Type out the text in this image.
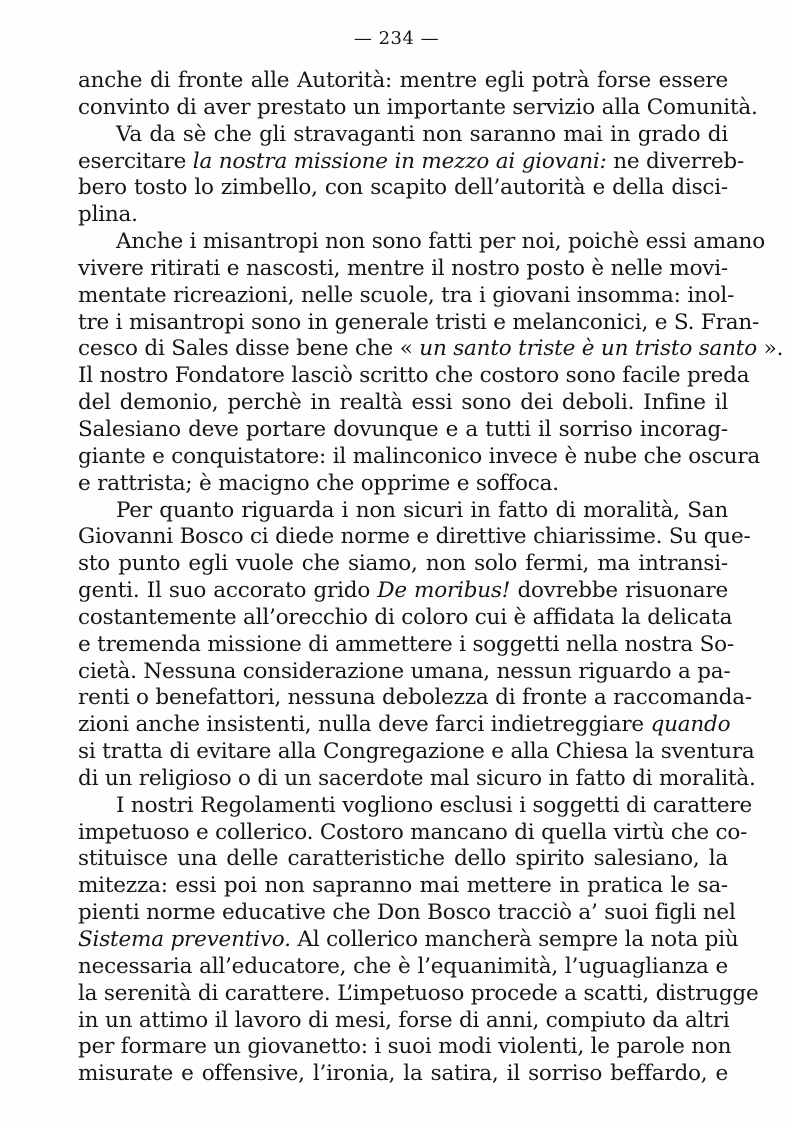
— 234 —
anche di fronte alle Autorità: mentre egli potrà forse essere
convinto di aver prestato un importante servizio alla Comunità.
Va da sè che gli stravaganti non saranno mai in grado di
esercitare la nostra missione in mezzo ai giovani: ne diverreb-
bero tosto lo zimbello, con scapito dell’autorità e della disci-
plina.
Anche i misantropi non sono fatti per noi, poichè essi amano
vivere ritirati e nascosti, mentre il nostro posto è nelle movi-
mentate ricreazioni, nelle scuole, tra i giovani insomma: inol-
tre i misantropi sono in generale tristi e melanconici, e S. Fran-
cesco di Sales disse bene che « un santo triste è un tristo santo ».
Il nostro Fondatore lasciò scritto che costoro sono facile preda
del demonio, perchè in realtà essi sono dei deboli. Infine il
Salesiano deve portare dovunque e a tutti il sorriso incorag-
giante e conquistatore: il malinconico invece è nube che oscura
e rattrista; è macigno che opprime e soffoca.
Per quanto riguarda i non sicuri in fatto di moralità, San
Giovanni Bosco ci diede norme e direttive chiarissime. Su que-
sto punto egli vuole che siamo, non solo fermi, ma intransi-
genti. Il suo accorato grido De moribus! dovrebbe risuonare
costantemente all’orecchio di coloro cui è affidata la delicata
e tremenda missione di ammettere i soggetti nella nostra So-
cietà. Nessuna considerazione umana, nessun riguardo a pa-
renti o benefattori, nessuna debolezza di fronte a raccomanda-
zioni anche insistenti, nulla deve farci indietreggiare quando
si tratta di evitare alla Congregazione e alla Chiesa la sventura
di un religioso o di un sacerdote mal sicuro in fatto di moralità.
I nostri Regolamenti vogliono esclusi i soggetti di carattere
impetuoso e collerico. Costoro mancano di quella virtù che co-
stituisce una delle caratteristiche dello spirito salesiano, la
mitezza: essi poi non sapranno mai mettere in pratica le sa-
pienti norme educative che Don Bosco tracciò a’ suoi figli nel
Sistema preventivo. Al collerico mancherà sempre la nota più
necessaria all’educatore, che è l’equanimità, l’uguaglianza e
la serenità di carattere. L’impetuoso procede a scatti, distrugge
in un attimo il lavoro di mesi, forse di anni, compiuto da altri
per formare un giovanetto: i suoi modi violenti, le parole non
misurate e offensive, l’ironia, la satira, il sorriso beffardo, e
